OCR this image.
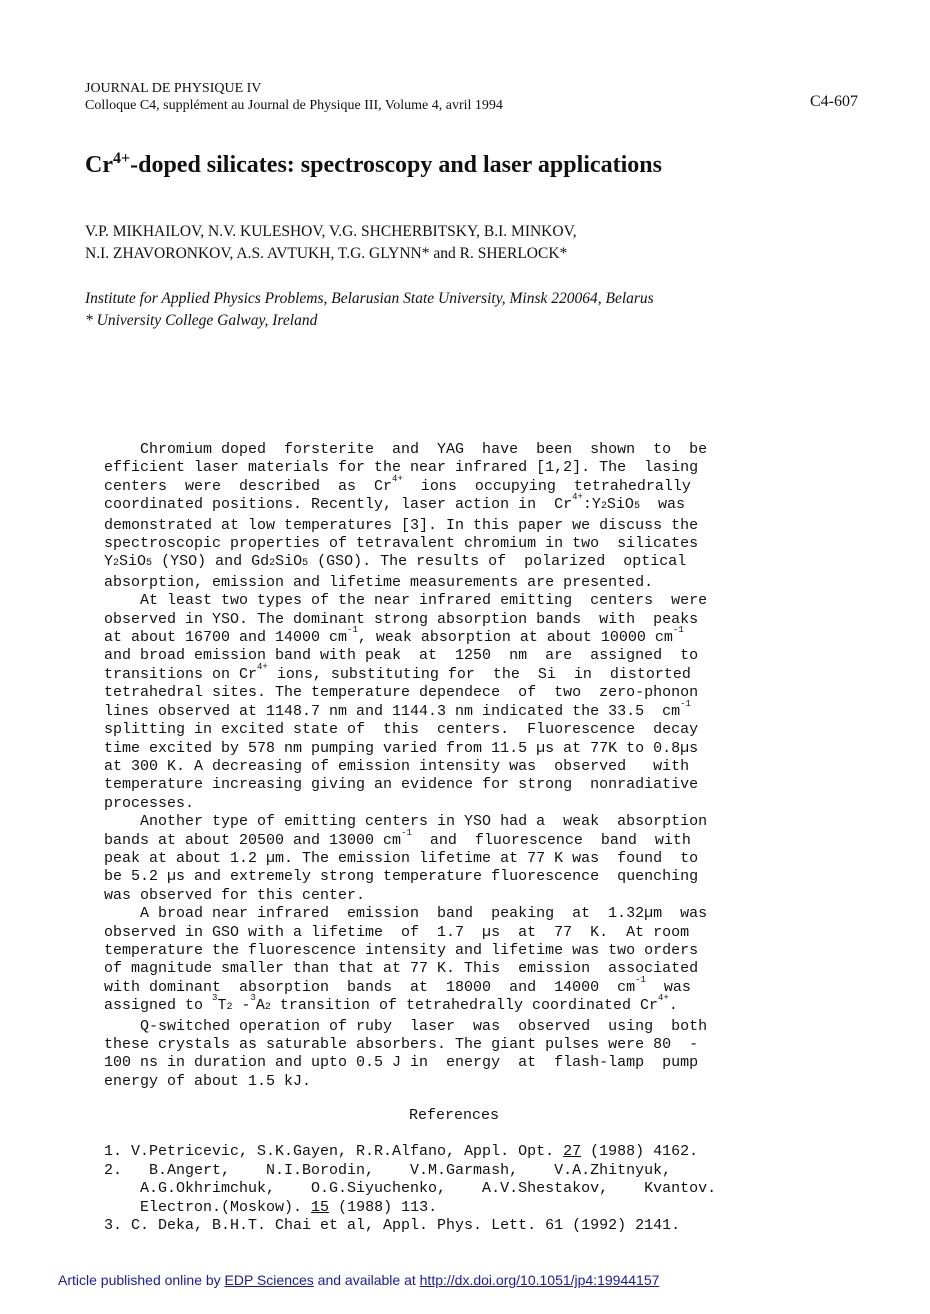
JOURNAL DE PHYSIQUE IV
Colloque C4, supplément au Journal de Physique III, Volume 4, avril 1994	C4-607
$Cr^{4+}$-doped silicates: spectroscopy and laser applications
V.P. MIKHAILOV, N.V. KULESHOV, V.G. SHCHERBITSKY, B.I. MINKOV,
N.I. ZHAVORONKOV, A.S. AVTUKH, T.G. GLYNN* and R. SHERLOCK*
Institute for Applied Physics Problems, Belarusian State University, Minsk 220064, Belarus
* University College Galway, Ireland
Chromium doped  forsterite  and  YAG  have  been  shown  to  be
efficient laser materials for the near infrared [1,2]. The  lasing
centers  were  described  as  $Cr^{4+}$  ions  occupying  tetrahedrally
coordinated positions. Recently, laser action in  $Cr^{4+}:Y2SiO5$  was
demonstrated at low temperatures [3]. In this paper we discuss the
spectroscopic properties of tetravalent chromium in two  silicates
Y2SiO5 (YSO) and Gd2SiO5 (GSO). The results of  polarized  optical
absorption, emission and lifetime measurements are presented.
At least two types of the near infrared emitting  centers  were
observed in YSO. The dominant strong absorption bands  with  peaks
at about 16700 and 14000 $cm^{-1}$, weak absorption at about 10000 $cm^{-1}$
and broad emission band with peak  at  1250  nm  are  assigned  to
transitions on $Cr^{4+}$ ions, substituting for  the  Si  in  distorted
tetrahedral sites. The temperature dependece  of  two  zero-phonon
lines observed at 1148.7 nm and 1144.3 nm indicated the 33.5  $cm^{-1}$
splitting in excited state of  this  centers.  Fluorescence  decay
time excited by 578 nm pumping varied from 11.5 µs at 77K to 0.8µs
at 300 K. A decreasing of emission intensity was  observed   with
temperature increasing giving an evidence for strong  nonradiative
processes.
Another type of emitting centers in YSO had a  weak  absorption
bands at about 20500 and 13000 $cm^{-1}$  and  fluorescence  band  with
peak at about 1.2 µm. The emission lifetime at 77 K was  found  to
be 5.2 µs and extremely strong temperature fluorescence  quenching
was observed for this center.
A broad near infrared  emission  band  peaking  at  1.32µm  was
observed in GSO with a lifetime  of  1.7  µs  at  77  K.  At room
temperature the fluorescence intensity and lifetime was two orders
of magnitude smaller than that at 77 K. This  emission  associated
with dominant  absorption  bands  at  18000  and  14000  $cm^{-1}$  was
assigned to $^3$T2 -$^3$A2 transition of tetrahedrally coordinated $Cr^{4+}$.
Q-switched operation of ruby  laser  was  observed  using  both
these crystals as saturable absorbers. The giant pulses were 80  -
100 ns in duration and upto 0.5 J in  energy  at  flash-lamp  pump
energy of about 1.5 kJ.
References
1. V.Petricevic, S.K.Gayen, R.R.Alfano, Appl. Opt. 27 (1988) 4162.
2.   B.Angert,    N.I.Borodin,    V.M.Garmash,    V.A.Zhitnyuk,
A.G.Okhrimchuk,    O.G.Siyuchenko,    A.V.Shestakov,    Kvantov.
Electron.(Moskow). 15 (1988) 113.
3. C. Deka, B.H.T. Chai et al, Appl. Phys. Lett. 61 (1992) 2141.
Article published online by EDP Sciences and available at http://dx.doi.org/10.1051/jp4:19944157
